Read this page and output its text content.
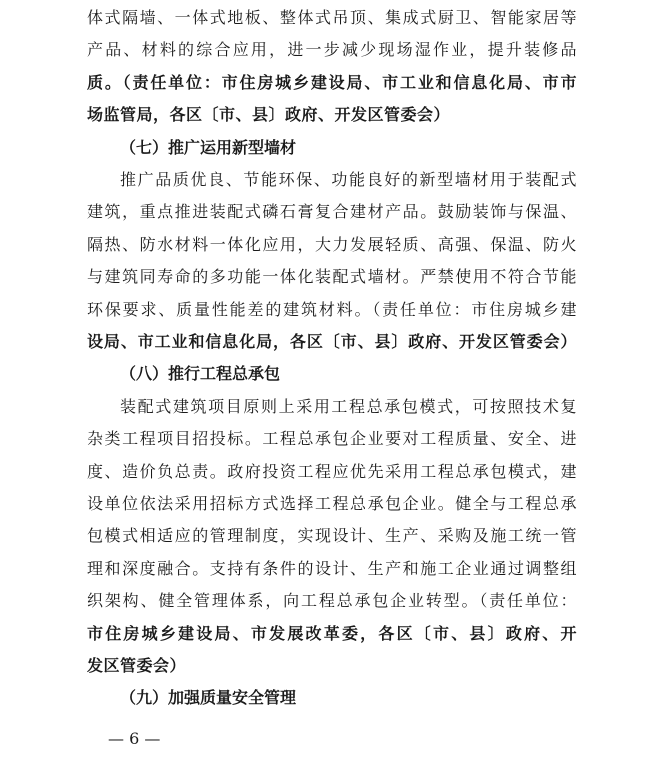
体式隔墙、一体式地板、整体式吊顶、集成式厨卫、智能家居等
产品、材料的综合应用，进一步减少现场湿作业，提升装修品
质。（责任单位：市住房城乡建设局、市工业和信息化局、市市
场监管局，各区〔市、县〕政府、开发区管委会）
（七）推广运用新型墙材
推广品质优良、节能环保、功能良好的新型墙材用于装配式
建筑，重点推进装配式磷石膏复合建材产品。鼓励装饰与保温、
隔热、防水材料一体化应用，大力发展轻质、高强、保温、防火
与建筑同寿命的多功能一体化装配式墙材。严禁使用不符合节能
环保要求、质量性能差的建筑材料。（责任单位：市住房城乡建
设局、市工业和信息化局，各区〔市、县〕政府、开发区管委会）
（八）推行工程总承包
装配式建筑项目原则上采用工程总承包模式，可按照技术复
杂类工程项目招投标。工程总承包企业要对工程质量、安全、进
度、造价负总责。政府投资工程应优先采用工程总承包模式，建
设单位依法采用招标方式选择工程总承包企业。健全与工程总承
包模式相适应的管理制度，实现设计、生产、采购及施工统一管
理和深度融合。支持有条件的设计、生产和施工企业通过调整组
织架构、健全管理体系，向工程总承包企业转型。（责任单位：
市住房城乡建设局、市发展改革委，各区〔市、县〕政府、开
发区管委会）
— 6 —
（九）加强质量安全管理
